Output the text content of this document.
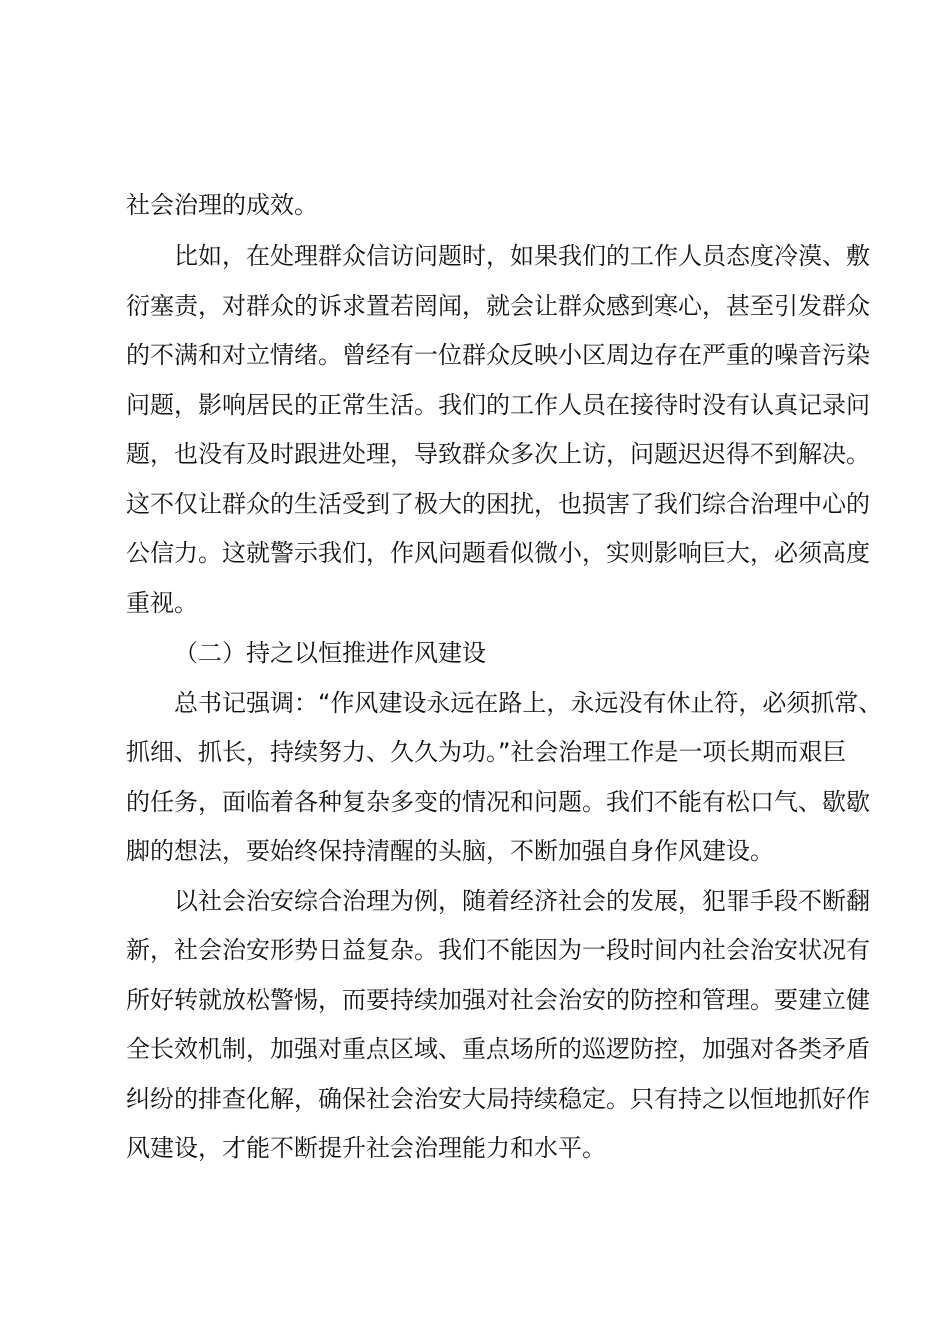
社会治理的成效。
比如，在处理群众信访问题时，如果我们的工作人员态度冷漠、敷
衍塞责，对群众的诉求置若罔闻，就会让群众感到寒心，甚至引发群众
的不满和对立情绪。曾经有一位群众反映小区周边存在严重的噪音污染
问题，影响居民的正常生活。我们的工作人员在接待时没有认真记录问
题，也没有及时跟进处理，导致群众多次上访，问题迟迟得不到解决。
这不仅让群众的生活受到了极大的困扰，也损害了我们综合治理中心的
公信力。这就警示我们，作风问题看似微小，实则影响巨大，必须高度
重视。
（二）持之以恒推进作风建设
总书记强调：“作风建设永远在路上，永远没有休止符，必须抓常、
抓细、抓长，持续努力、久久为功。”社会治理工作是一项长期而艰巨
的任务，面临着各种复杂多变的情况和问题。我们不能有松口气、歇歇
脚的想法，要始终保持清醒的头脑，不断加强自身作风建设。
以社会治安综合治理为例，随着经济社会的发展，犯罪手段不断翻
新，社会治安形势日益复杂。我们不能因为一段时间内社会治安状况有
所好转就放松警惕，而要持续加强对社会治安的防控和管理。要建立健
全长效机制，加强对重点区域、重点场所的巡逻防控，加强对各类矛盾
纠纷的排查化解，确保社会治安大局持续稳定。只有持之以恒地抓好作
风建设，才能不断提升社会治理能力和水平。
